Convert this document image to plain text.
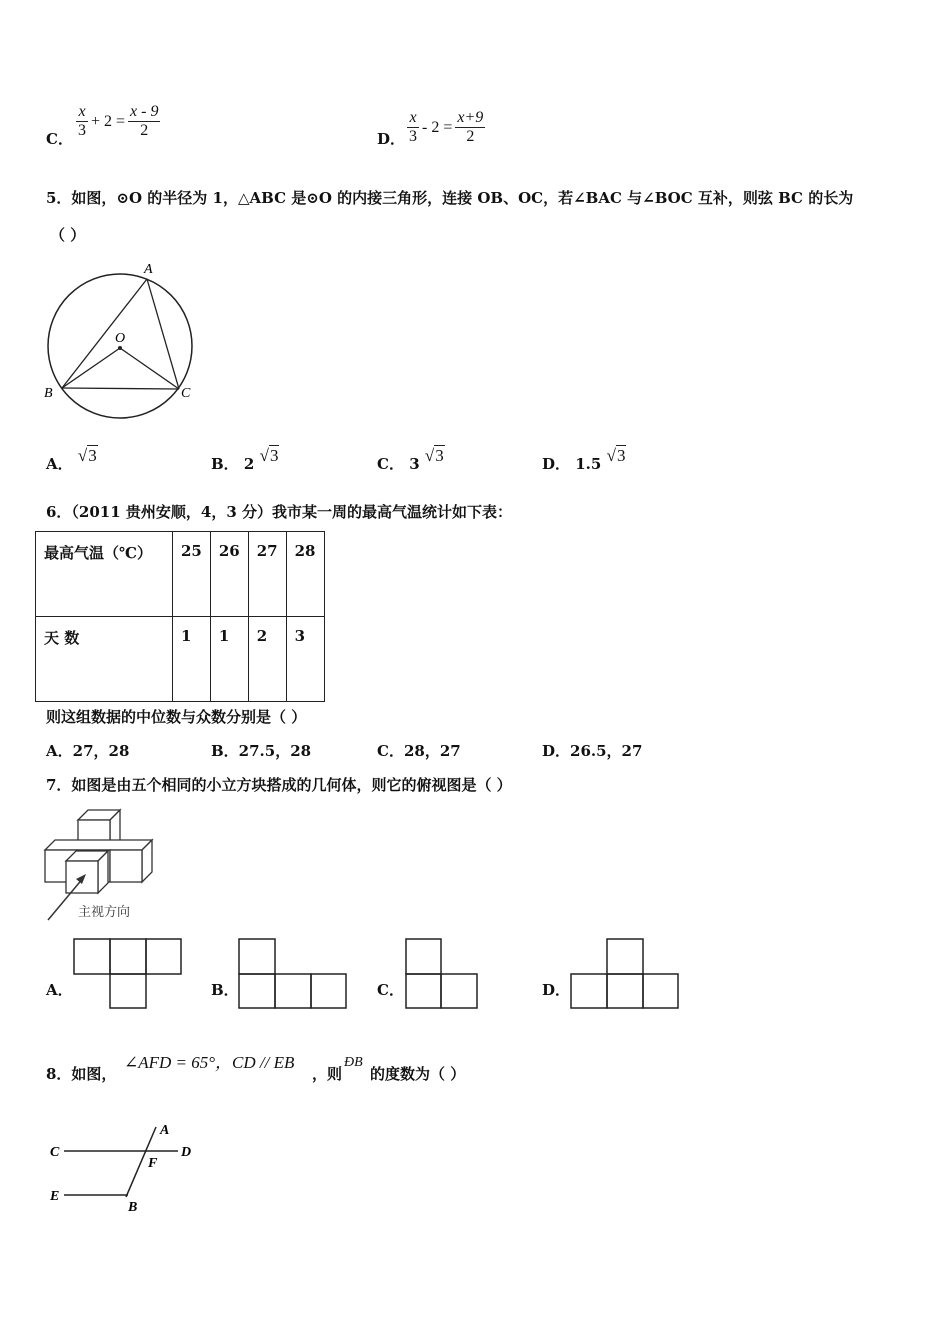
C． $\frac{x}{3} + 2 = \frac{x - 9}{2}$	D． $\frac{x}{3} - 2 = \frac{x+9}{2}$
5．如图，⊙O 的半径为 1，△ABC 是⊙O 的内接三角形，连接 OB、OC，若∠BAC 与∠BOC 互补，则弦 BC 的长为
（ ）
A
O
B	C
A． √3	B． 2 √3	C． 3 √3	D． 1.5 √3
6．（2011 贵州安顺，4，3 分）我市某一周的最高气温统计如下表：
最高气温（℃）	25	26	27	28
天 数	1	1	2	3
则这组数据的中位数与众数分别是（ ）
A．27，28	B．27.5，28	C．28，27	D．26.5，27
7．如图是由五个相同的小立方块搭成的几何体，则它的俯视图是（ ）
主视方向
A．	B．	C．	D．
8．如图，
∠AFD = 65°，CD // EB
，则
ÐB
的度数为（ ）
C	D
A
F
E
B
